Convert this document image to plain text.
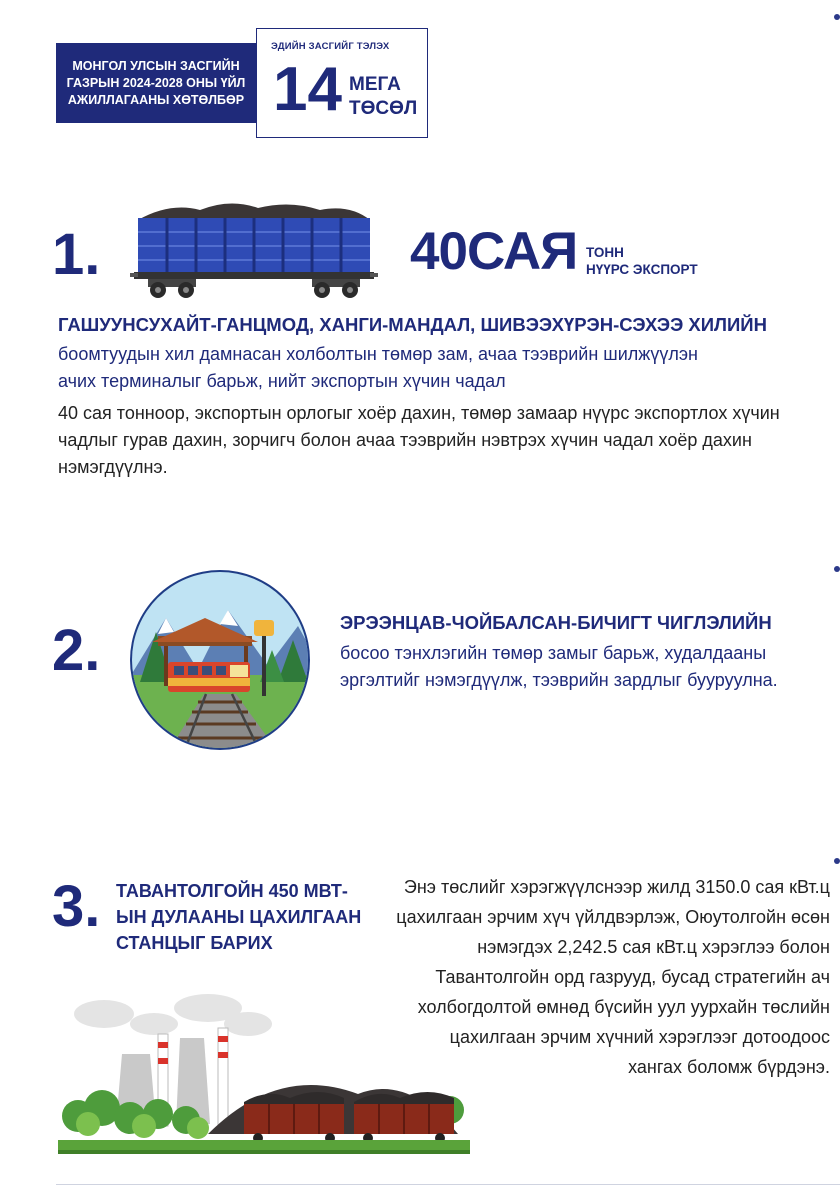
МОНГОЛ УЛСЫН ЗАСГИЙН
ГАЗРЫН 2024-2028 ОНЫ ҮЙЛ
АЖИЛЛАГААНЫ ХӨТӨЛБӨР
ЭДИЙН ЗАСГИЙГ ТЭЛЭХ
14 МЕГА
ТӨСӨЛ
1.	40САЯ ТОНН
НҮҮРС ЭКСПОРТ
ГАШУУНСУХАЙТ-ГАНЦМОД, ХАНГИ-МАНДАЛ, ШИВЭЭХҮРЭН-СЭХЭЭ ХИЛИЙН
боомтуудын хил дамнасан холболтын төмөр зам, ачаа тээврийн шилжүүлэн
ачих терминалыг барьж, нийт экспортын хүчин чадал
40 сая тонноор, экспортын орлогыг хоёр дахин, төмөр замаар нүүрс экспортлох хүчин чадлыг гурав дахин, зорчигч болон ачаа тээврийн нэвтрэх хүчин чадал хоёр дахин нэмэгдүүлнэ.
2.	ЭРЭЭНЦАВ-ЧОЙБАЛСАН-БИЧИГТ ЧИГЛЭЛИЙН
босоо тэнхлэгийн төмөр замыг барьж, худалдааны эргэлтийг нэмэгдүүлж, тээврийн зардлыг бууруулна.
3. ТАВАНТОЛГОЙН 450 МВТ-ЫН ДУЛААНЫ ЦАХИЛГААН СТАНЦЫГ БАРИХ
Энэ төслийг хэрэгжүүлснээр жилд 3150.0 сая кВт.ц цахилгаан эрчим хүч үйлдвэрлэж, Оюутолгойн өсөн нэмэгдэх 2,242.5 сая кВт.ц хэрэглээ болон Тавантолгойн орд газрууд, бусад стратегийн ач холбогдолтой өмнөд бүсийн уул уурхайн төслийн цахилгаан эрчим хүчний хэрэглээг дотоодоос хангах боломж бүрдэнэ.
